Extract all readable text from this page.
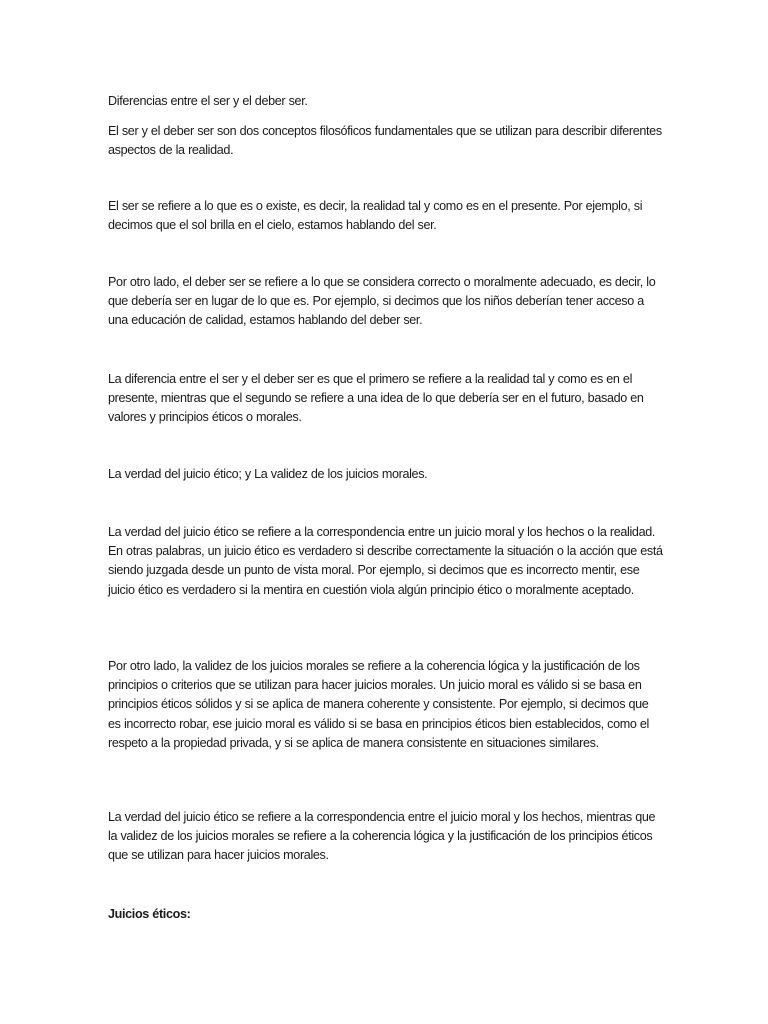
Diferencias entre el ser y el deber ser.

El ser y el deber ser son dos conceptos filosóficos fundamentales que se utilizan para describir diferentes aspectos de la realidad.

El ser se refiere a lo que es o existe, es decir, la realidad tal y como es en el presente. Por ejemplo, si decimos que el sol brilla en el cielo, estamos hablando del ser.

Por otro lado, el deber ser se refiere a lo que se considera correcto o moralmente adecuado, es decir, lo que debería ser en lugar de lo que es. Por ejemplo, si decimos que los niños deberían tener acceso a una educación de calidad, estamos hablando del deber ser.

La diferencia entre el ser y el deber ser es que el primero se refiere a la realidad tal y como es en el presente, mientras que el segundo se refiere a una idea de lo que debería ser en el futuro, basado en valores y principios éticos o morales.

La verdad del juicio ético; y La validez de los juicios morales.

La verdad del juicio ético se refiere a la correspondencia entre un juicio moral y los hechos o la realidad. En otras palabras, un juicio ético es verdadero si describe correctamente la situación o la acción que está siendo juzgada desde un punto de vista moral. Por ejemplo, si decimos que es incorrecto mentir, ese juicio ético es verdadero si la mentira en cuestión viola algún principio ético o moralmente aceptado.

Por otro lado, la validez de los juicios morales se refiere a la coherencia lógica y la justificación de los principios o criterios que se utilizan para hacer juicios morales. Un juicio moral es válido si se basa en principios éticos sólidos y si se aplica de manera coherente y consistente. Por ejemplo, si decimos que es incorrecto robar, ese juicio moral es válido si se basa en principios éticos bien establecidos, como el respeto a la propiedad privada, y si se aplica de manera consistente en situaciones similares.

La verdad del juicio ético se refiere a la correspondencia entre el juicio moral y los hechos, mientras que la validez de los juicios morales se refiere a la coherencia lógica y la justificación de los principios éticos que se utilizan para hacer juicios morales.

Juicios éticos:
